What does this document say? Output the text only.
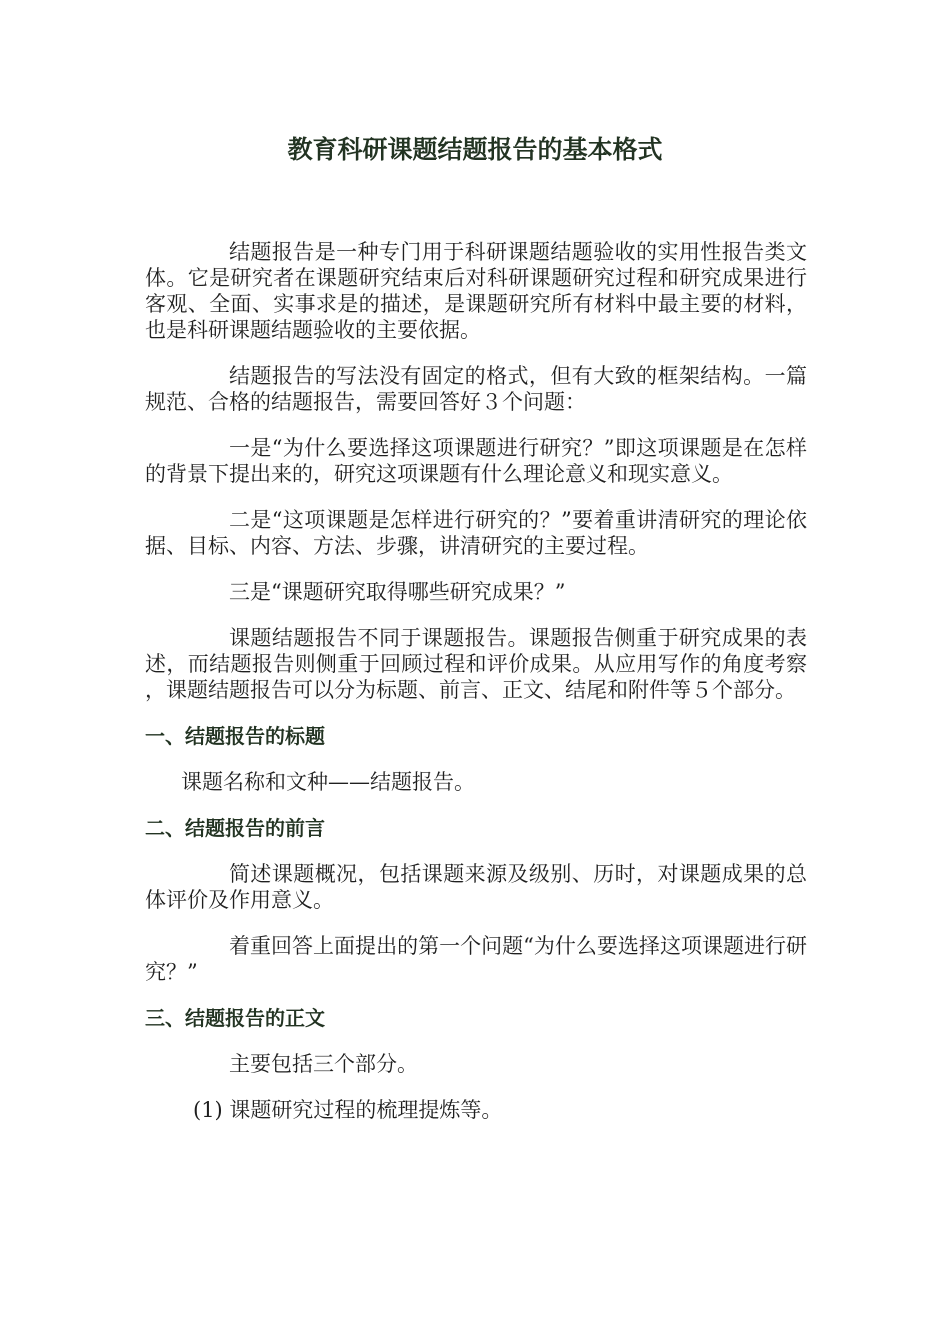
教育科研课题结题报告的基本格式

结题报告是一种专门用于科研课题结题验收的实用性报告类文体。它是研究者在课题研究结束后对科研课题研究过程和研究成果进行客观、全面、实事求是的描述，是课题研究所有材料中最主要的材料，也是科研课题结题验收的主要依据。

结题报告的写法没有固定的格式，但有大致的框架结构。一篇规范、合格的结题报告，需要回答好３个问题：

一是“为什么要选择这项课题进行研究？”即这项课题是在怎样的背景下提出来的，研究这项课题有什么理论意义和现实意义。

二是“这项课题是怎样进行研究的？”要着重讲清研究的理论依据、目标、内容、方法、步骤，讲清研究的主要过程。

三是“课题研究取得哪些研究成果？”

课题结题报告不同于课题报告。课题报告侧重于研究成果的表述，而结题报告则侧重于回顾过程和评价成果。从应用写作的角度考察，课题结题报告可以分为标题、前言、正文、结尾和附件等５个部分。

一、结题报告的标题

课题名称和文种——结题报告。

二、结题报告的前言

简述课题概况，包括课题来源及级别、历时，对课题成果的总体评价及作用意义。

着重回答上面提出的第一个问题“为什么要选择这项课题进行研究？”

三、结题报告的正文

主要包括三个部分。

(1) 课题研究过程的梳理提炼等。
